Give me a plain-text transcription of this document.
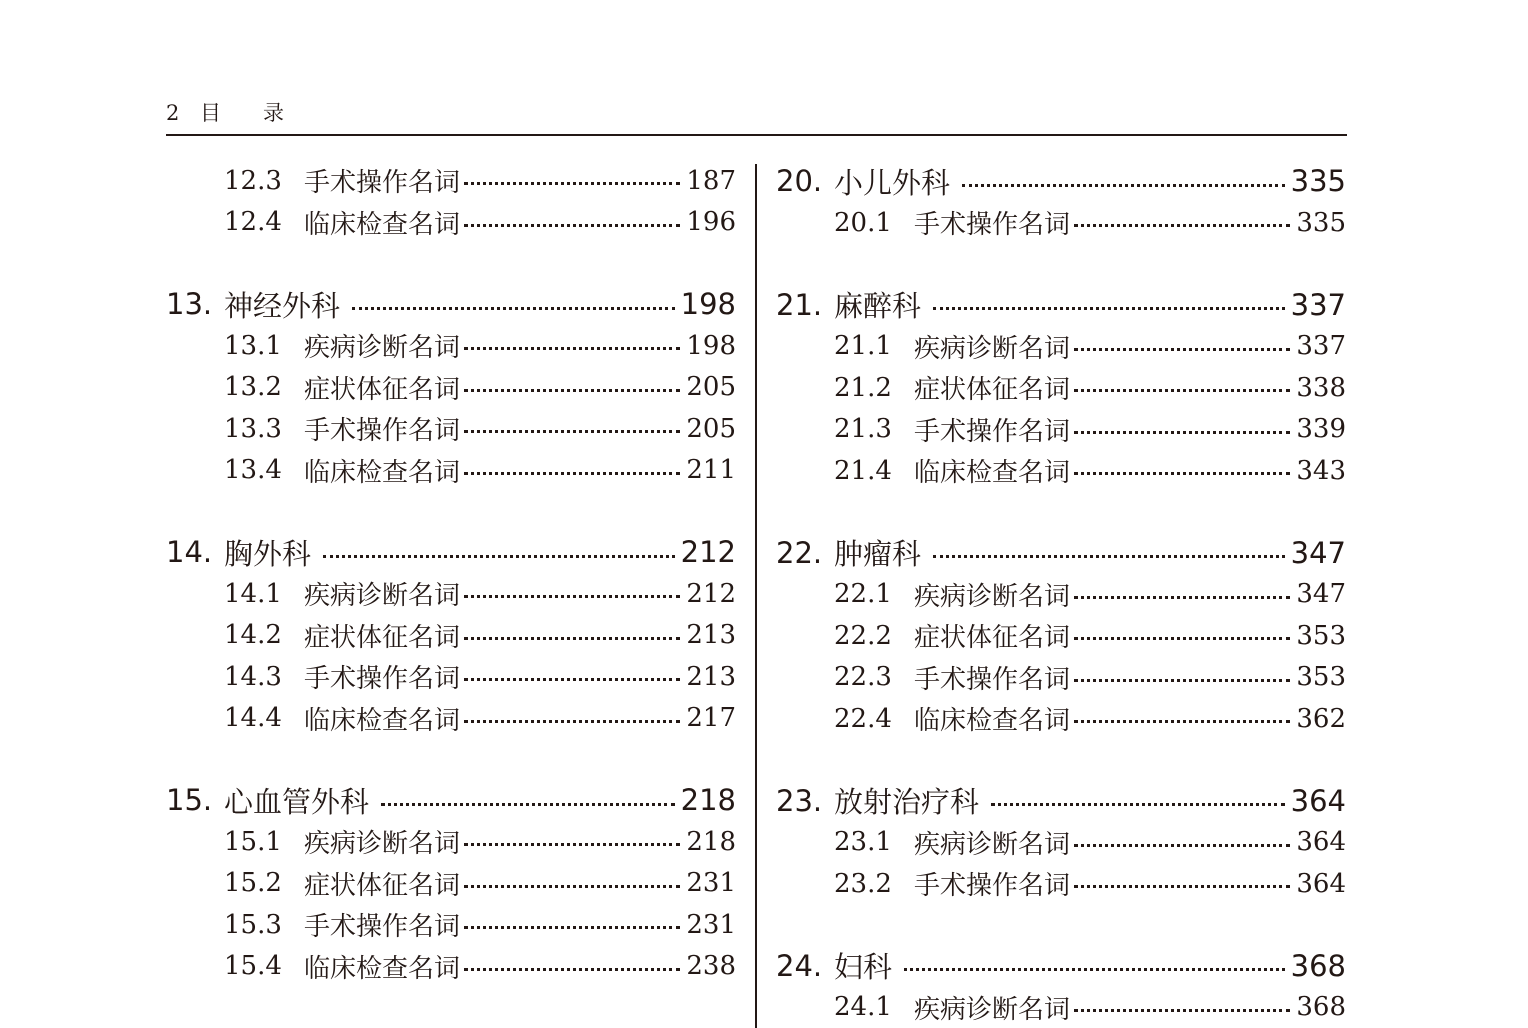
2 目录
12.3 手术操作名词	187
12.4 临床检查名词	196
13. 神经外科	198
13.1 疾病诊断名词	198
13.2 症状体征名词	205
13.3 手术操作名词	205
13.4 临床检查名词	211
14. 胸外科	212
14.1 疾病诊断名词	212
14.2 症状体征名词	213
14.3 手术操作名词	213
14.4 临床检查名词	217
15. 心血管外科	218
15.1 疾病诊断名词	218
15.2 症状体征名词	231
15.3 手术操作名词	231
15.4 临床检查名词	238
20. 小儿外科	335
20.1 手术操作名词	335
21. 麻醉科	337
21.1 疾病诊断名词	337
21.2 症状体征名词	338
21.3 手术操作名词	339
21.4 临床检查名词	343
22. 肿瘤科	347
22.1 疾病诊断名词	347
22.2 症状体征名词	353
22.3 手术操作名词	353
22.4 临床检查名词	362
23. 放射治疗科	364
23.1 疾病诊断名词	364
23.2 手术操作名词	364
24. 妇科	368
24.1 疾病诊断名词	368
